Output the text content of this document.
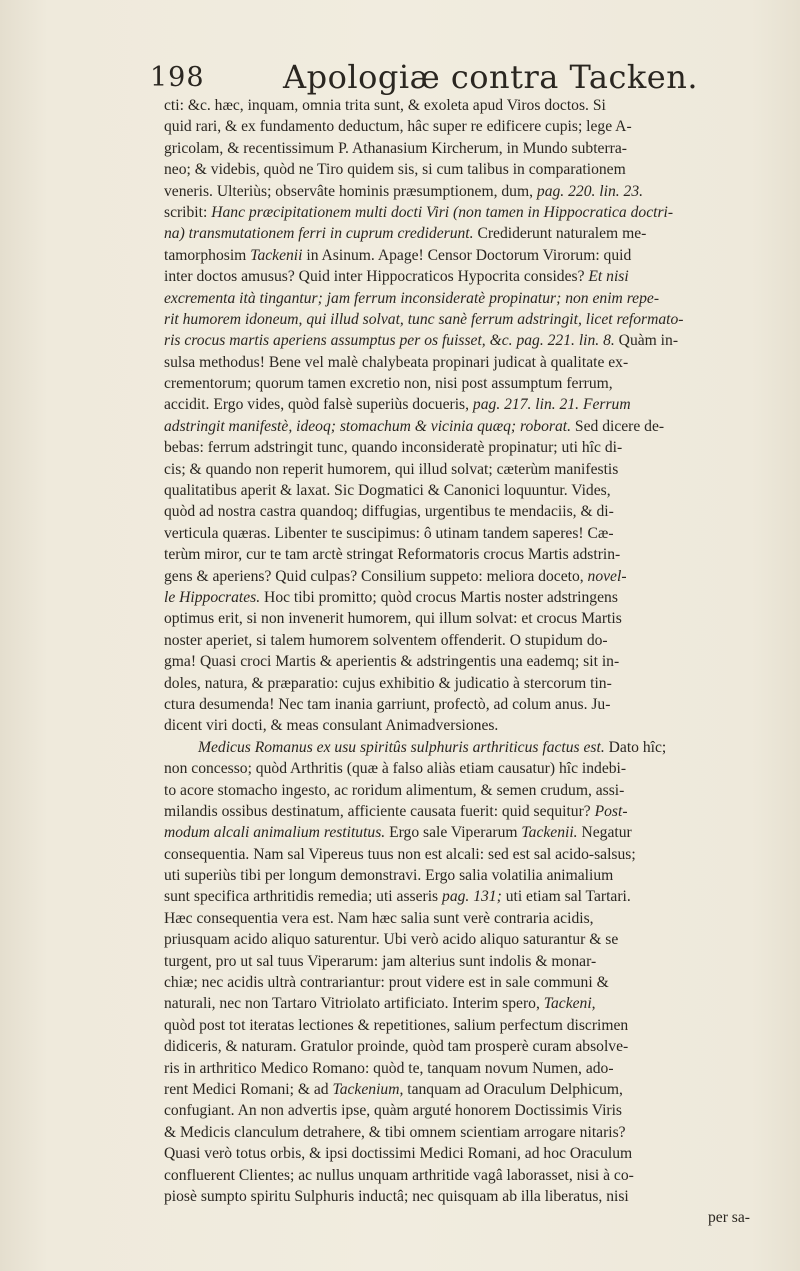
198 Apologiæ contra Tacken.
cti: &c. hæc, inquam, omnia trita sunt, & exoleta apud Viros doctos. Si
quid rari, & ex fundamento deductum, hâc super re edificere cupis; lege A-
gricolam, & recentissimum P. Athanasium Kircherum, in Mundo subterra-
neo; & videbis, quòd ne Tiro quidem sis, si cum talibus in comparationem
veneris. Ulteriùs; observâte hominis præsumptionem, dum, pag. 220. lin. 23.
scribit: Hanc præcipitationem multi docti Viri (non tamen in Hippocratica doctri-
na) transmutationem ferri in cuprum crediderunt. Crediderunt naturalem me-
tamorphosim Tackenii in Asinum. Apage! Censor Doctorum Virorum: quid
inter doctos amusus? Quid inter Hippocraticos Hypocrita consides? Et nisi
excrementa ità tingantur; jam ferrum inconsideratè propinatur; non enim repe-
rit humorem idoneum, qui illud solvat, tunc sanè ferrum adstringit, licet reformato-
ris crocus martis aperiens assumptus per os fuisset, &c. pag. 221. lin. 8. Quàm in-
sulsa methodus! Bene vel malè chalybeata propinari judicat à qualitate ex-
crementorum; quorum tamen excretio non, nisi post assumptum ferrum,
accidit. Ergo vides, quòd falsè superiùs docueris, pag. 217. lin. 21. Ferrum
adstringit manifestè, ideoq; stomachum & vicinia quæq; roborat. Sed dicere de-
bebas: ferrum adstringit tunc, quando inconsideratè propinatur; uti hîc di-
cis; & quando non reperit humorem, qui illud solvat; cæterùm manifestis
qualitatibus aperit & laxat. Sic Dogmatici & Canonici loquuntur. Vides,
quòd ad nostra castra quandoq; diffugias, urgentibus te mendaciis, & di-
verticula quæras. Libenter te suscipimus: ô utinam tandem saperes! Cæ-
terùm miror, cur te tam arctè stringat Reformatoris crocus Martis adstrin-
gens & aperiens? Quid culpas? Consilium suppeto: meliora doceto, novel-
le Hippocrates. Hoc tibi promitto; quòd crocus Martis noster adstringens
optimus erit, si non invenerit humorem, qui illum solvat: et crocus Martis
noster aperiet, si talem humorem solventem offenderit. O stupidum do-
gma! Quasi croci Martis & aperientis & adstringentis una eademq; sit in-
doles, natura, & præparatio: cujus exhibitio & judicatio à stercorum tin-
ctura desumenda! Nec tam inania garriunt, profectò, ad colum anus. Ju-
dicent viri docti, & meas consulant Animadversiones.
Medicus Romanus ex usu spiritûs sulphuris arthriticus factus est. Dato hîc;
non concesso; quòd Arthritis (quæ à falso aliàs etiam causatur) hîc indebi-
to acore stomacho ingesto, ac roridum alimentum, & semen crudum, assi-
milandis ossibus destinatum, afficiente causata fuerit: quid sequitur? Post-
modum alcali animalium restitutus. Ergo sale Viperarum Tackenii. Negatur
consequentia. Nam sal Vipereus tuus non est alcali: sed est sal acido-salsus;
uti superiùs tibi per longum demonstravi. Ergo salia volatilia animalium
sunt specifica arthritidis remedia; uti asseris pag. 131; uti etiam sal Tartari.
Hæc consequentia vera est. Nam hæc salia sunt verè contraria acidis,
priusquam acido aliquo saturentur. Ubi verò acido aliquo saturantur & se
turgent, pro ut sal tuus Viperarum: jam alterius sunt indolis & monar-
chiæ; nec acidis ultrà contrariantur: prout videre est in sale communi &
naturali, nec non Tartaro Vitriolato artificiato. Interim spero, Tackeni,
quòd post tot iteratas lectiones & repetitiones, salium perfectum discrimen
didiceris, & naturam. Gratulor proinde, quòd tam prosperè curam absolve-
ris in arthritico Medico Romano: quòd te, tanquam novum Numen, ado-
rent Medici Romani; & ad Tackenium, tanquam ad Oraculum Delphicum,
confugiant. An non advertis ipse, quàm arguté honorem Doctissimis Viris
& Medicis clanculum detrahere, & tibi omnem scientiam arrogare nitaris?
Quasi verò totus orbis, & ipsi doctissimi Medici Romani, ad hoc Oraculum
confluerent Clientes; ac nullus unquam arthritide vagâ laborasset, nisi à co-
piosè sumpto spiritu Sulphuris inductâ; nec quisquam ab illa liberatus, nisi
per sa-
